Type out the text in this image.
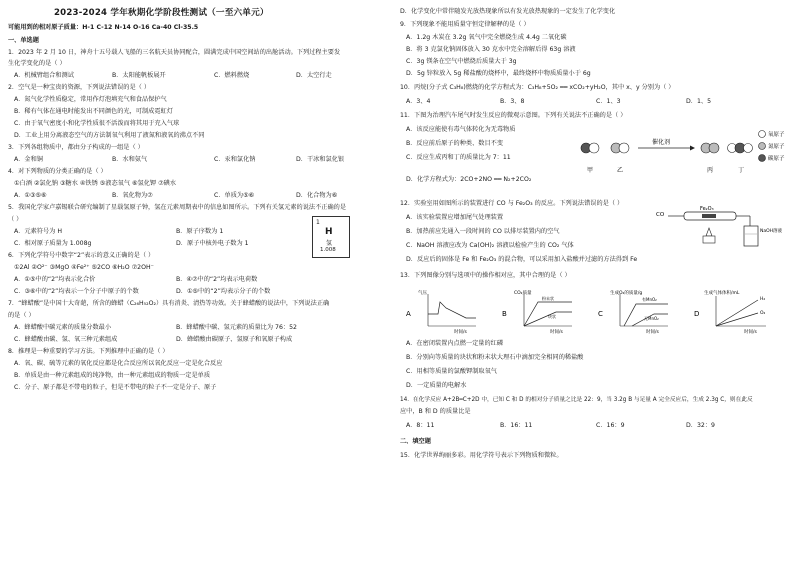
2023-2024 学年秋期化学阶段性测试（一至六单元）
可能用到的相对原子质量：H-1 C-12 N-14 O-16 Ca-40 Cl-35.5
一、单选题
1．2023 年 2 月 10 日，神舟十五号载人飞船的三名航天员协同配合，圆满完成中国空间站的出舱活动。下列过程主要发
生化学变化的是（ ）
A．机械臂组合和测试	B．太阳能帆板展开	C．燃料燃烧	D．太空行走
2．空气是一种宝贵的资源，下列说法错误的是（ ）
A．氮气化学性质稳定，常用作灯泡填充气和食品保护气
B．稀有气体在通电时能发出不同颜色的光，可制成霓虹灯
C．由于氧气密度小和化学性质很不活泼而将其用于充入气球
D．工业上用分离液态空气的方法制氧气利用了液氮和液氧的沸点不同
3．下列各组物质中，都由分子构成的一组是（ ）
A．金和铜	B．水和氨气	C．汞和氯化钠	D．干冰和氯化银
4．对下列物质的分类正确的是（ ）
①白酒 ②氯化钠 ③糖水 ④铁锈 ⑤液态氧气 ⑥氢化钾 ⑦碘水
A．①③⑤⑥	B．氧化物为⑦	C．单质为⑤⑥	D．化合物为⑥
5．我国化学家卢嘉锡联合研究编制了星载氢原子钟，氢在元素周期表中的信息如图所示。下列有关氢元素的说法不正确的是
（ ）
A．元素符号为 H	B．原子序数为 1
C．相对原子质量为 1.008g	D．原子中核外电子数为 1
1
H
氢
1.008
6．下列化学符号中数字“2”表示的意义正确的是（ ）
①2Al ②O²⁻ ③MgO ④Fe²⁺ ⑤2CO ⑥H₂O ⑦2OH⁻
A．①⑤中的“2”均表示化合价	B．④⑦中的“2”均表示电荷数
C．③⑥中的“2”均表示一个分子中原子的个数	D．①⑤中的“2”均表示分子的个数
7．“蜂蜡酸”是中国十大奇葩，所含的蜂蜡（C₂₆H₅₂O₂）具有消炎、清热等功效。关于蜂蜡酸的说法中，下列说法正确
的是（ ）
A．蜂蜡酸中碳元素的质量分数最小	B．蜂蜡酸中碳、氢元素的质量比为 76：52
C．蜂蜡酸由碳、氢、氧三种元素组成	D．蜂蜡酸由碳原子、氢原子和氧原子构成
8．推理是一种重要的学习方法。下列推理中正确的是（ ）
A．氧、碳、硫等元素的氧化反应都是化合反应所以氧化反应一定是化合反应
B．单质是由一种元素组成的纯净物，由一种元素组成的物质一定是单质
C．分子、原子都是不带电的粒子，但是不带电的粒子不一定是分子、原子
D．化学变化中常伴随发光放热现象所以有发光放热现象的一定发生了化学变化
9．下列现象不能用质量守恒定律解释的是（ ）
A．1.2g 木炭在 3.2g 氧气中完全燃烧生成 4.4g 二氧化碳
B．将 3 克氯化钠固体放入 30 克水中完全溶解后得 63g 溶液
C．3g 镁条在空气中燃烧后质量大于 3g
D．5g 锌粒放入 5g 稀盐酸的烧杯中，最终烧杯中物质质量小于 6g
10．丙烷(分子式 C₃H₈)燃烧的化学方程式为：C₃H₈+5O₂ ══ xCO₂+yH₂O，其中 x、y 分别为（ ）
A．3、4	B．3、8	C．1、3	D．1、5
11．下图为治理汽车尾气时发生反应的微观示意图。下列有关说法不正确的是（ ）
A．该反应能使有毒气体转化为无毒物质
B．反应前后原子的种类、数目不变
C．反应生成丙和丁的质量比为 7：11
D．化学方程式为：2CO+2NO ══ N₂+2CO₂
催化剂
甲	乙	丙	丁
氧原子
氮原子
碳原子
12．实验室用如图所示的装置进行 CO 与 Fe₂O₃ 的反应。下列说法错误的是（ ）
A．该实验装置应增加尾气处理装置
B．加热前应先通入一段时间的 CO 以排尽装置内的空气
C．NaOH 溶液应改为 Ca(OH)₂ 溶液以检验产生的 CO₂ 气体
D．反应后的固体是 Fe 和 Fe₂O₃ 的混合物，可以采用加入盐酸并过滤的方法得到 Fe
CO
Fe₂O₃
NaOH溶液
13．下列图像分别与选项中的操作相对应，其中合理的是（ ）
A
气压
时间/s
B
CO₂质量
粉末状
块状
时间/s
C
生成O₂的质量/g
有MnO₂
无MnO₂
时间/s
D
生成气体体积/mL
H₂
O₂
时间/s
A．在密闭装置内点燃一定量的红磷
B．分别向等质量的块状和粉末状大理石中滴加完全相同的稀盐酸
C．用相等质量的氯酸钾制取氧气
D．一定质量的电解水
14．在化学反应 A+2B═C+2D 中，已知 C 和 D 的相对分子质量之比是 22：9，当 3.2g B 与足量 A 完全反应后，生成 2.3g C，则在此反
应中，B 和 D 的质量比是
A．8：11	B．16：11	C．16：9	D．32：9
二、填空题
15．化学世界绚丽多彩。用化学符号表示下列物质和微粒。
